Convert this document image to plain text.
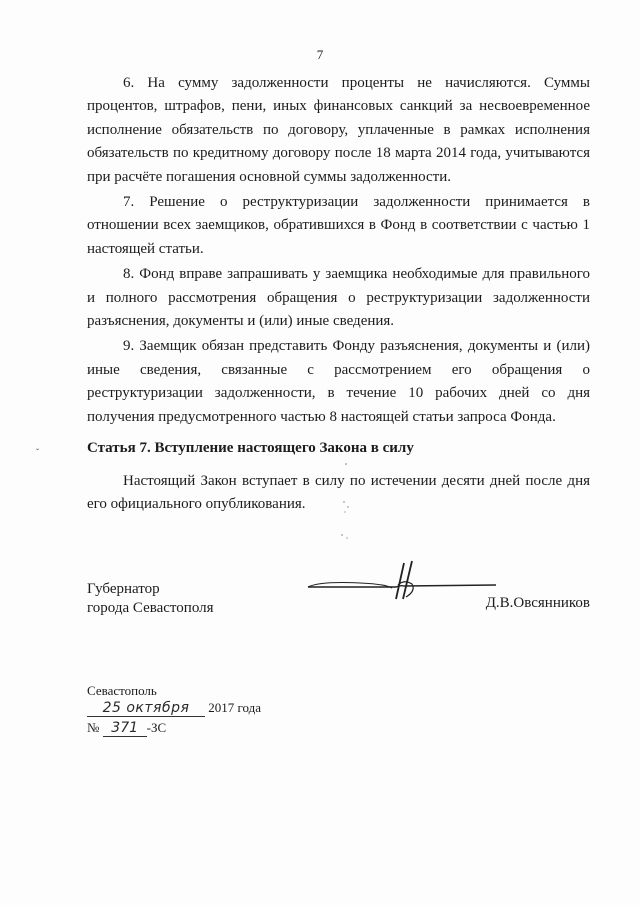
7

6. На сумму задолженности проценты не начисляются. Суммы процентов, штрафов, пени, иных финансовых санкций за несвоевременное исполнение обязательств по договору, уплаченные в рамках исполнения обязательств по кредитному договору после 18 марта 2014 года, учитываются при расчёте погашения основной суммы задолженности.

7. Решение о реструктуризации задолженности принимается в отношении всех заемщиков, обратившихся в Фонд в соответствии с частью 1 настоящей статьи.

8. Фонд вправе запрашивать у заемщика необходимые для правильного и полного рассмотрения обращения о реструктуризации задолженности разъяснения, документы и (или) иные сведения.

9. Заемщик обязан представить Фонду разъяснения, документы и (или) иные сведения, связанные с рассмотрением его обращения о реструктуризации задолженности, в течение 10 рабочих дней со дня получения предусмотренного частью 8 настоящей статьи запроса Фонда.

ˇ	Статья 7. Вступление настоящего Закона в силу

Настоящий Закон вступает в силу по истечении десяти дней после дня его официального опубликования.

Губернатор
города Севастополя	Д.В.Овсянников
Севастополь
25 октября 2017 года
№ 371 -ЗС
